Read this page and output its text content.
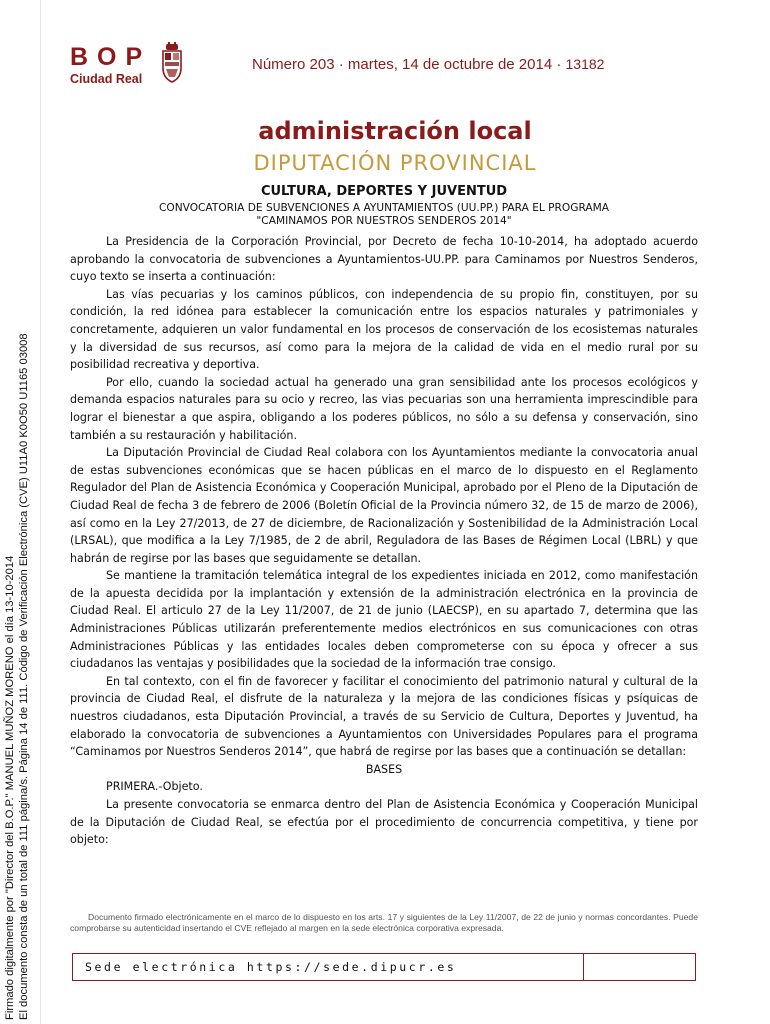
Firmado digitalmente por "Director del B.O.P." MANUEL MUÑOZ MORENO el día 13-10-2014 El documento consta de un total de 111 página/s. Página 14 de 111. Código de Verificación Electrónica (CVE) U11A0 K0O50 U1165 03008
BOP
Ciudad Real
Número 203 · martes, 14 de octubre de 2014 · 13182
administración local
DIPUTACIÓN PROVINCIAL
CULTURA, DEPORTES Y JUVENTUD
CONVOCATORIA DE SUBVENCIONES A AYUNTAMIENTOS (UU.PP.) PARA EL PROGRAMA
"CAMINAMOS POR NUESTROS SENDEROS 2014"

La Presidencia de la Corporación Provincial, por Decreto de fecha 10-10-2014, ha adoptado acuerdo aprobando la convocatoria de subvenciones a Ayuntamientos-UU.PP. para Caminamos por Nuestros Senderos, cuyo texto se inserta a continuación:

Las vías pecuarias y los caminos públicos, con independencia de su propio fin, constituyen, por su condición, la red idónea para establecer la comunicación entre los espacios naturales y patrimoniales y concretamente, adquieren un valor fundamental en los procesos de conservación de los ecosistemas naturales y la diversidad de sus recursos, así como para la mejora de la calidad de vida en el medio rural por su posibilidad recreativa y deportiva.

Por ello, cuando la sociedad actual ha generado una gran sensibilidad ante los procesos ecológicos y demanda espacios naturales para su ocio y recreo, las vias pecuarias son una herramienta imprescindible para lograr el bienestar a que aspira, obligando a los poderes públicos, no sólo a su defensa y conservación, sino también a su restauración y habilitación.

La Diputación Provincial de Ciudad Real colabora con los Ayuntamientos mediante la convocatoria anual de estas subvenciones económicas que se hacen públicas en el marco de lo dispuesto en el Reglamento Regulador del Plan de Asistencia Económica y Cooperación Municipal, aprobado por el Pleno de la Diputación de Ciudad Real de fecha 3 de febrero de 2006 (Boletín Oficial de la Provincia número 32, de 15 de marzo de 2006), así como en la Ley 27/2013, de 27 de diciembre, de Racionalización y Sostenibilidad de la Administración Local (LRSAL), que modifica a la Ley 7/1985, de 2 de abril, Reguladora de las Bases de Régimen Local (LBRL) y que habrán de regirse por las bases que seguidamente se detallan.

Se mantiene la tramitación telemática integral de los expedientes iniciada en 2012, como manifestación de la apuesta decidida por la implantación y extensión de la administración electrónica en la provincia de Ciudad Real. El articulo 27 de la Ley 11/2007, de 21 de junio (LAECSP), en su apartado 7, determina que las Administraciones Públicas utilizarán preferentemente medios electrónicos en sus comunicaciones con otras Administraciones Públicas y las entidades locales deben comprometerse con su época y ofrecer a sus ciudadanos las ventajas y posibilidades que la sociedad de la información trae consigo.

En tal contexto, con el fin de favorecer y facilitar el conocimiento del patrimonio natural y cultural de la provincia de Ciudad Real, el disfrute de la naturaleza y la mejora de las condiciones físicas y psíquicas de nuestros ciudadanos, esta Diputación Provincial, a través de su Servicio de Cultura, Deportes y Juventud, ha elaborado la convocatoria de subvenciones a Ayuntamientos con Universidades Populares para el programa “Caminamos por Nuestros Senderos 2014”, que habrá de regirse por las bases que a continuación se detallan:

BASES

PRIMERA.-Objeto.

La presente convocatoria se enmarca dentro del Plan de Asistencia Económica y Cooperación Municipal de la Diputación de Ciudad Real, se efectúa por el procedimiento de concurrencia competitiva, y tiene por objeto:

Documento firmado electrónicamente en el marco de lo dispuesto en los arts. 17 y siguientes de la Ley 11/2007, de 22 de junio y normas concordantes. Puede comprobarse su autenticidad insertando el CVE reflejado al margen en la sede electrónica corporativa expresada.
Sede electrónica https://sede.dipucr.es
